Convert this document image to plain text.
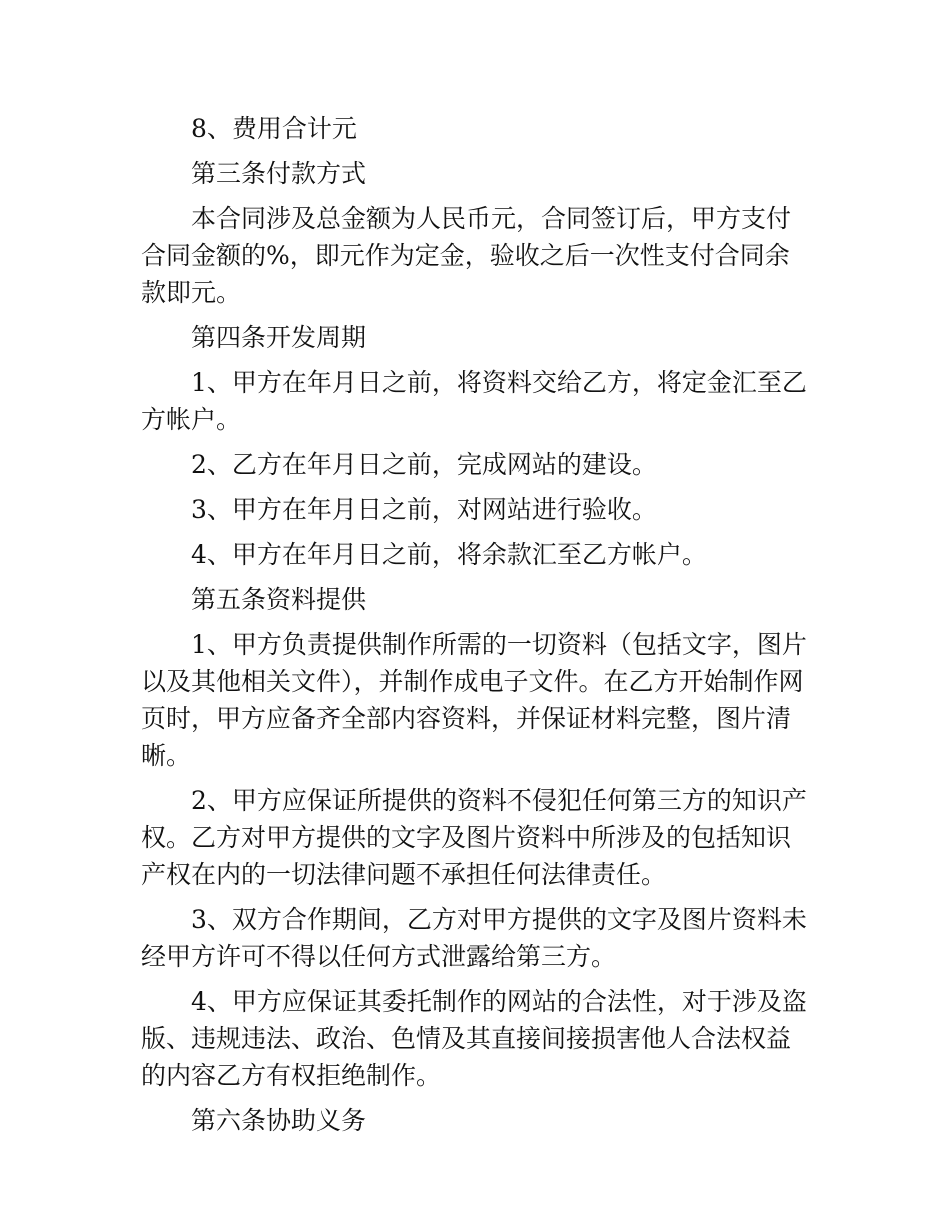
8、费用合计元

第三条付款方式

本合同涉及总金额为人民币元，合同签订后，甲方支付合同金额的%，即元作为定金，验收之后一次性支付合同余款即元。

第四条开发周期

1、甲方在年月日之前，将资料交给乙方，将定金汇至乙方帐户。

2、乙方在年月日之前，完成网站的建设。

3、甲方在年月日之前，对网站进行验收。

4、甲方在年月日之前，将余款汇至乙方帐户。

第五条资料提供

1、甲方负责提供制作所需的一切资料（包括文字，图片以及其他相关文件），并制作成电子文件。在乙方开始制作网页时，甲方应备齐全部内容资料，并保证材料完整，图片清晰。

2、甲方应保证所提供的资料不侵犯任何第三方的知识产权。乙方对甲方提供的文字及图片资料中所涉及的包括知识产权在内的一切法律问题不承担任何法律责任。

3、双方合作期间，乙方对甲方提供的文字及图片资料未经甲方许可不得以任何方式泄露给第三方。

4、甲方应保证其委托制作的网站的合法性，对于涉及盗版、违规违法、政治、色情及其直接间接损害他人合法权益的内容乙方有权拒绝制作。

第六条协助义务
